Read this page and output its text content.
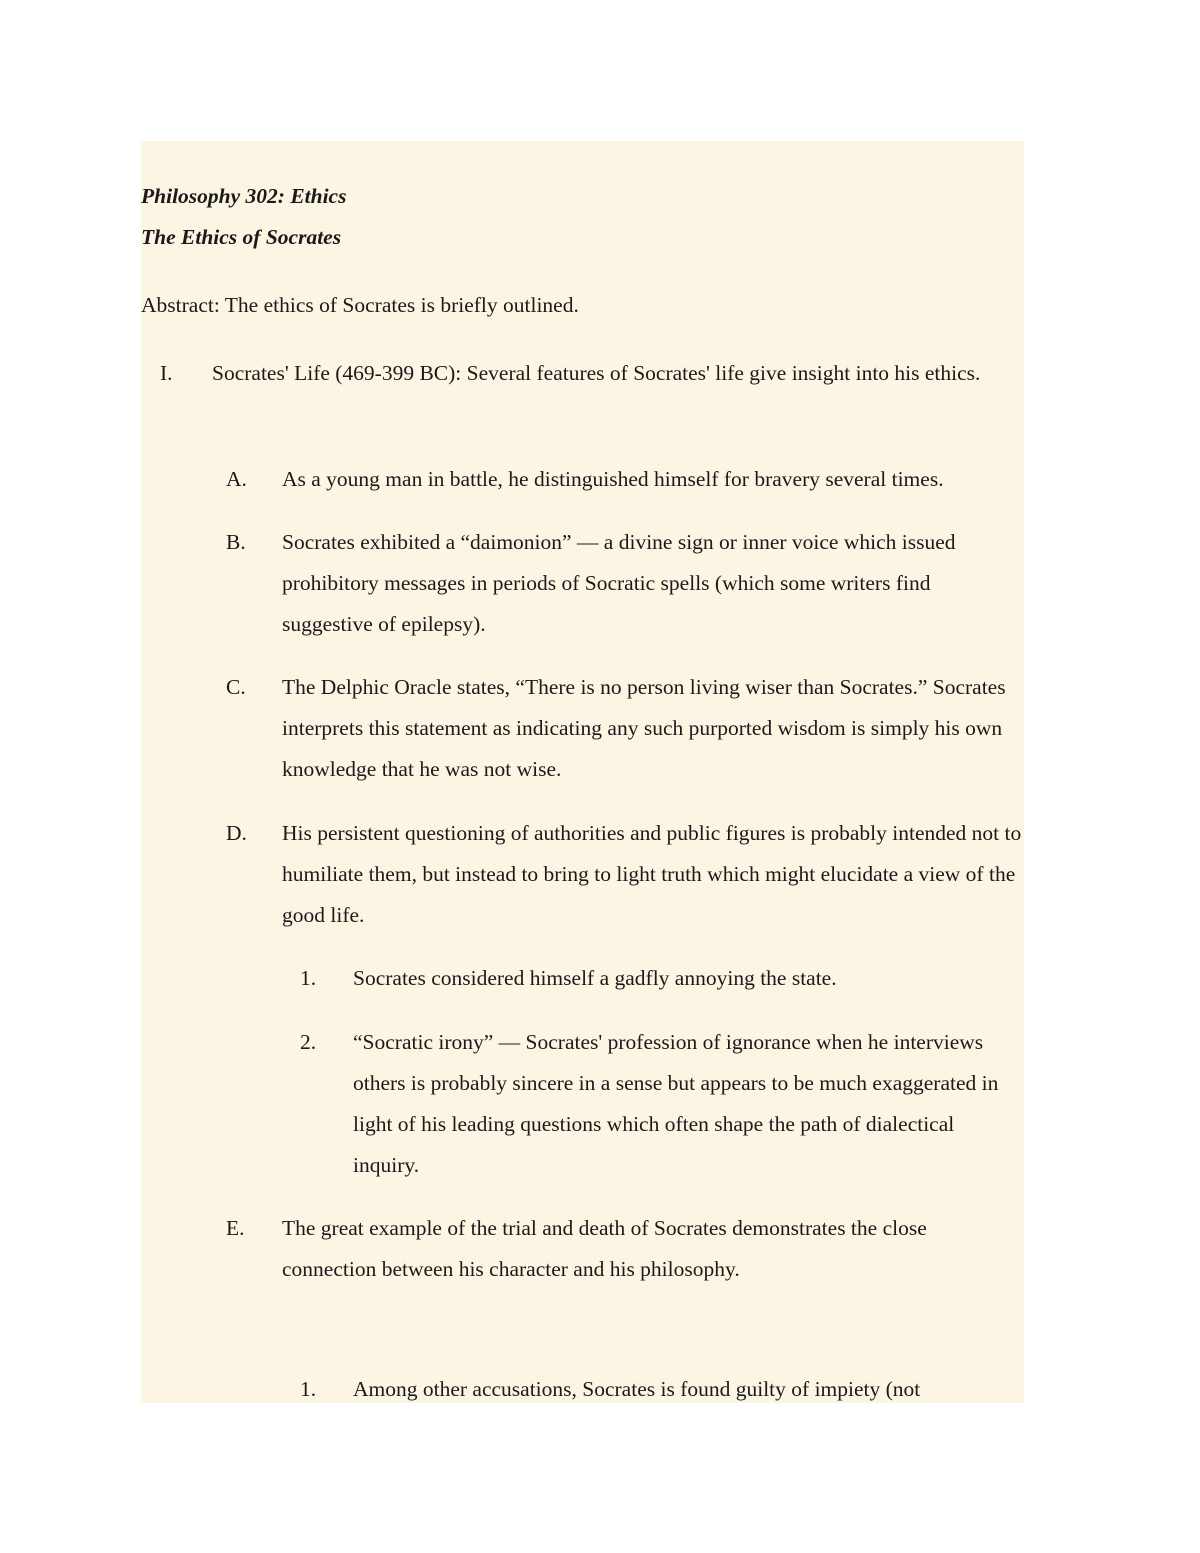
Philosophy 302: Ethics

The Ethics of Socrates

Abstract: The ethics of Socrates is briefly outlined.

I. Socrates' Life (469-399 BC): Several features of Socrates' life give insight into his ethics.
A. As a young man in battle, he distinguished himself for bravery several times.
B. Socrates exhibited a “daimonion” — a divine sign or inner voice which issued prohibitory messages in periods of Socratic spells (which some writers find suggestive of epilepsy).
C. The Delphic Oracle states, “There is no person living wiser than Socrates.” Socrates interprets this statement as indicating any such purported wisdom is simply his own knowledge that he was not wise.
D. His persistent questioning of authorities and public figures is probably intended not to humiliate them, but instead to bring to light truth which might elucidate a view of the good life.
1. Socrates considered himself a gadfly annoying the state.
2. “Socratic irony” — Socrates' profession of ignorance when he interviews others is probably sincere in a sense but appears to be much exaggerated in light of his leading questions which often shape the path of dialectical inquiry.
E. The great example of the trial and death of Socrates demonstrates the close connection between his character and his philosophy.
1. Among other accusations, Socrates is found guilty of impiety (not
